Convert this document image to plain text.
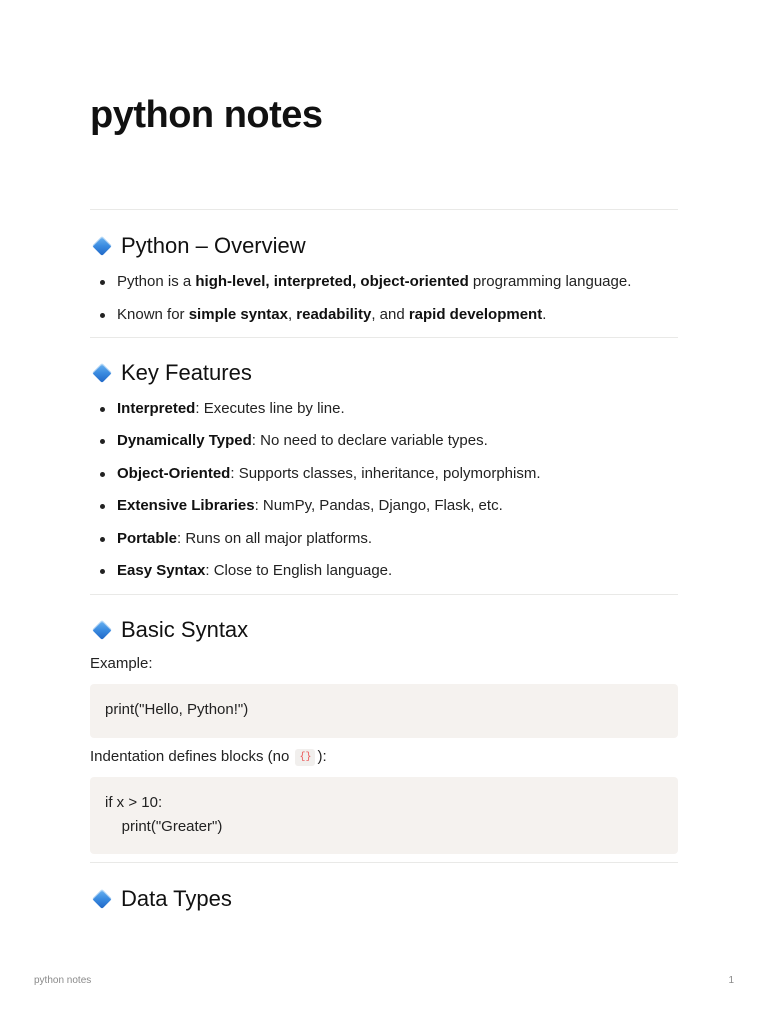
python notes
Python – Overview
Python is a high-level, interpreted, object-oriented programming language.
Known for simple syntax, readability, and rapid development.
Key Features
Interpreted: Executes line by line.
Dynamically Typed: No need to declare variable types.
Object-Oriented: Supports classes, inheritance, polymorphism.
Extensive Libraries: NumPy, Pandas, Django, Flask, etc.
Portable: Runs on all major platforms.
Easy Syntax: Close to English language.
Basic Syntax

Example:

print("Hello, Python!")

Indentation defines blocks (no {} ):

if x > 10:
print("Greater")
Data Types
python notes	1
